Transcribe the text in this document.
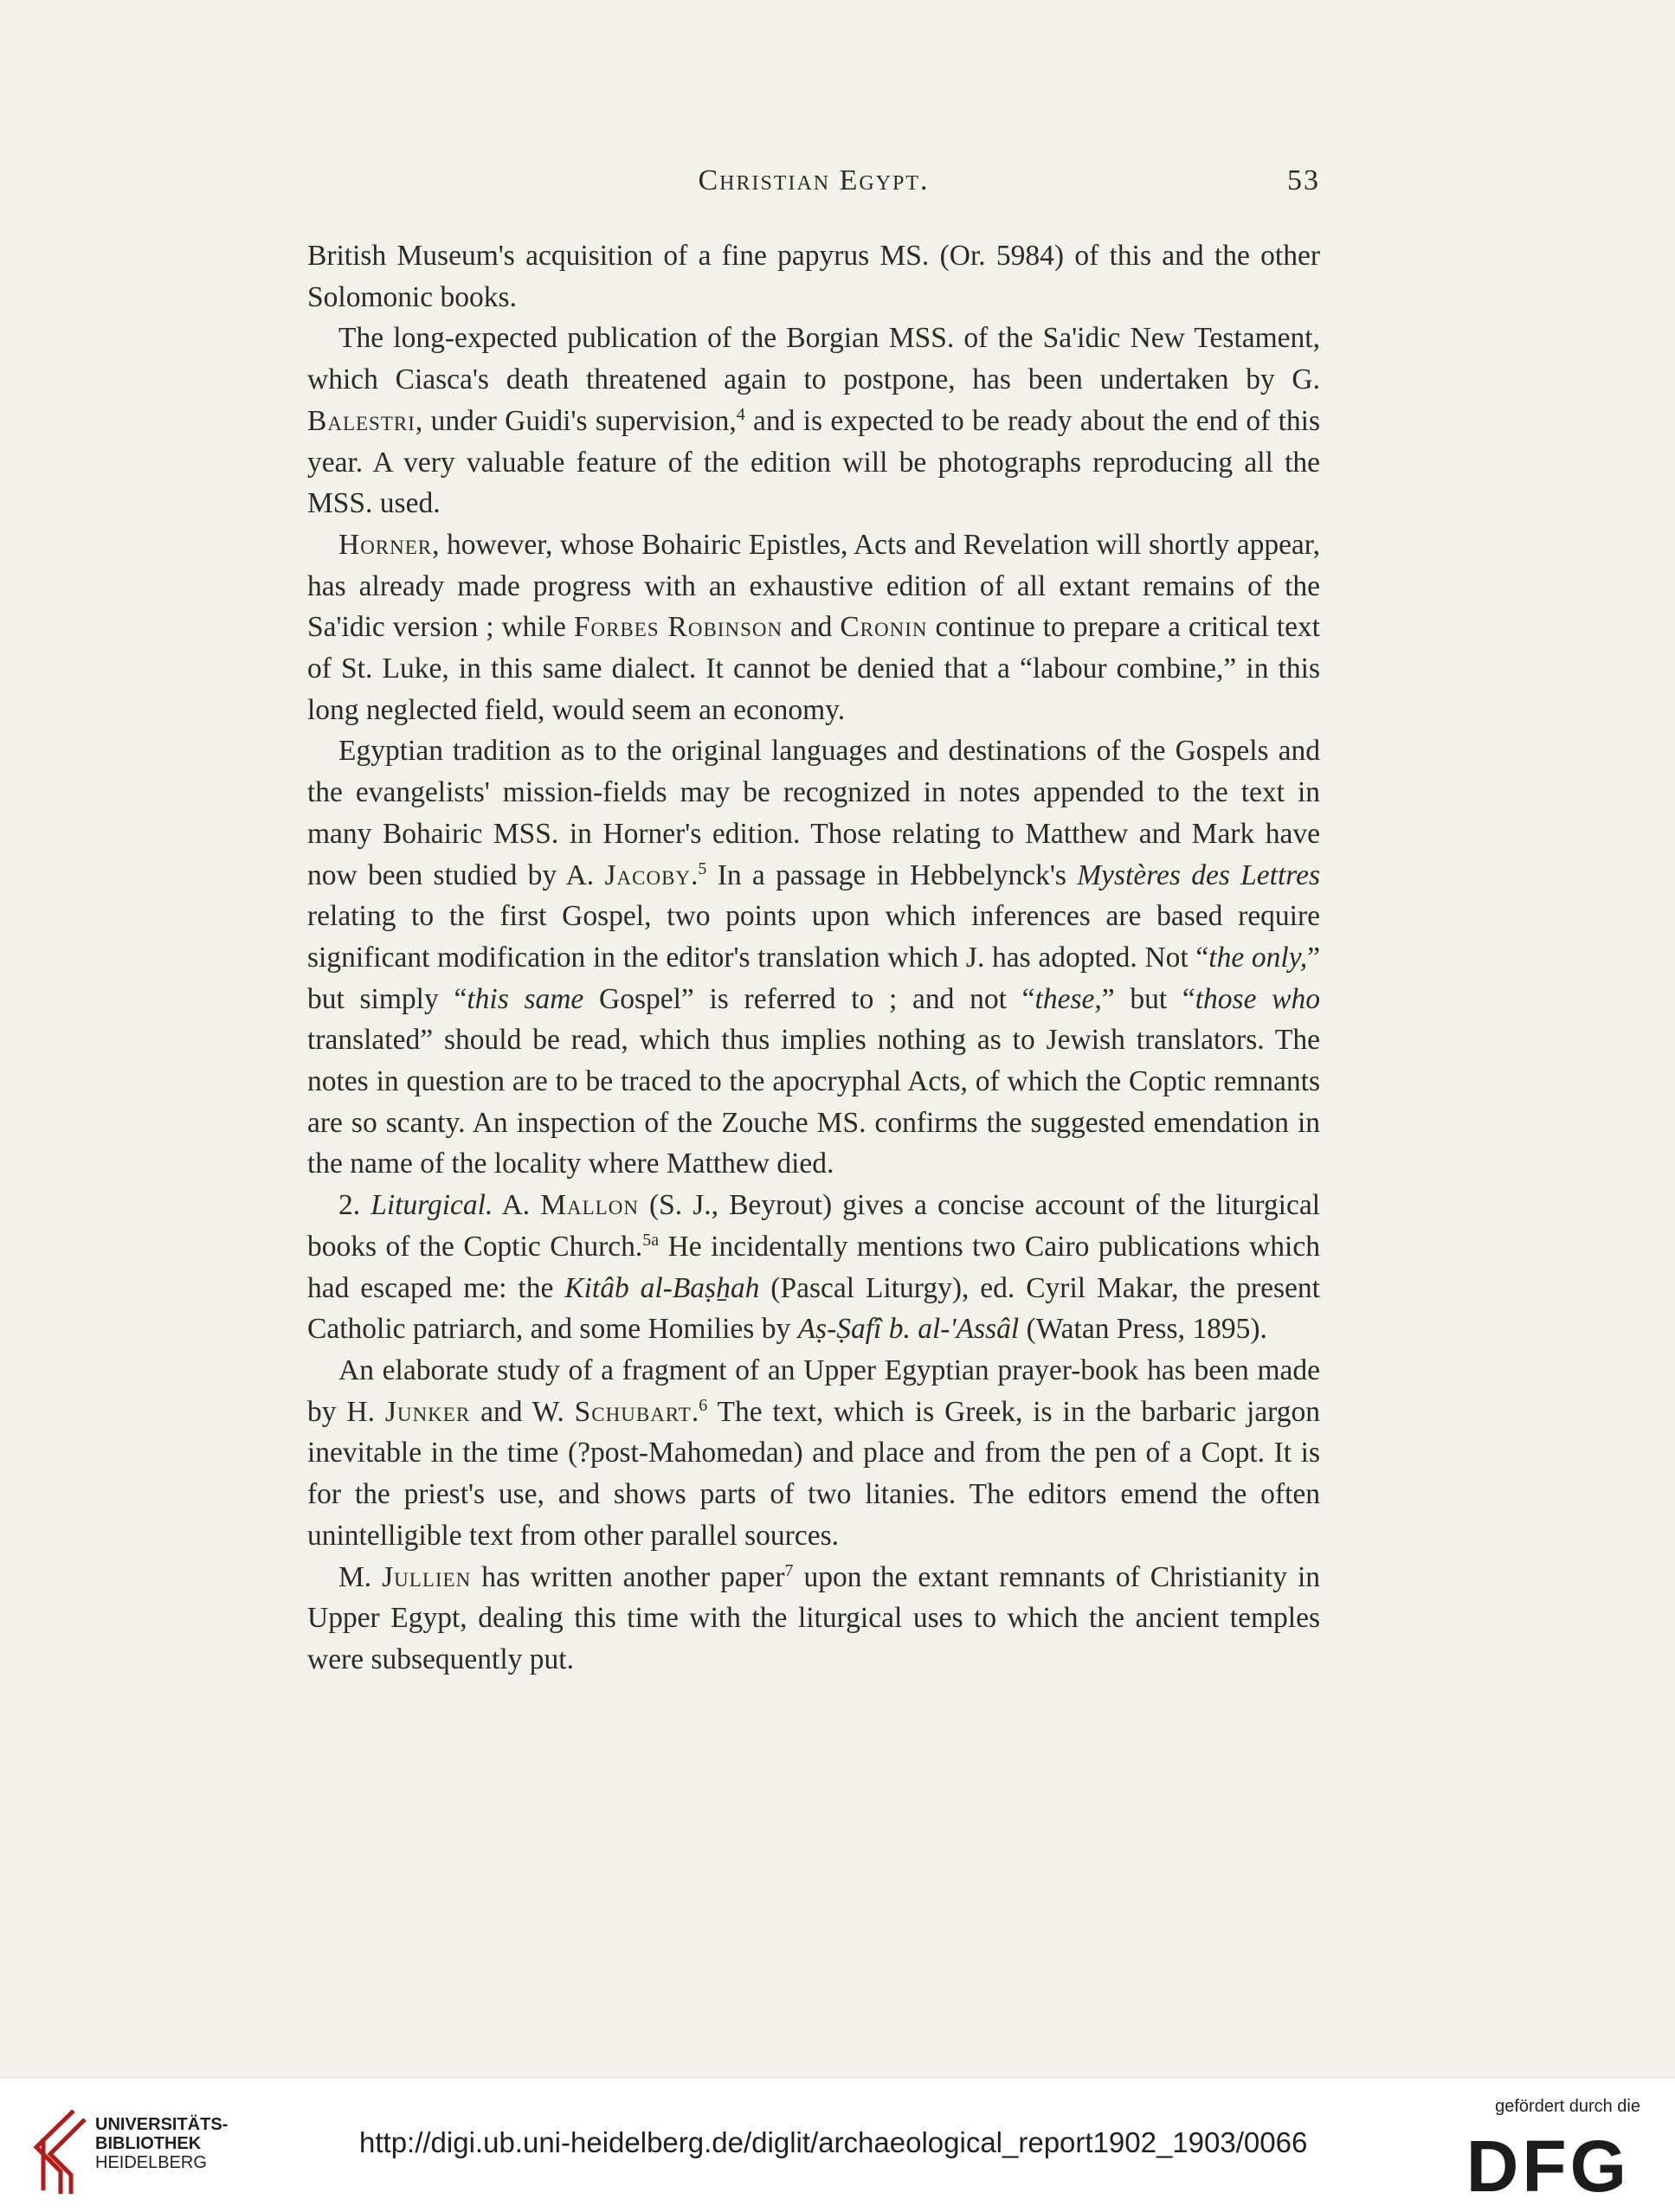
Christian Egypt.	53

British Museum's acquisition of a fine papyrus MS. (Or. 5984) of this and the other Solomonic books.

The long-expected publication of the Borgian MSS. of the Sa'idic New Testament, which Ciasca's death threatened again to postpone, has been undertaken by G. Balestri, under Guidi's supervision,$^4$ and is expected to be ready about the end of this year. A very valuable feature of the edition will be photographs reproducing all the MSS. used.

Horner, however, whose Bohairic Epistles, Acts and Revelation will shortly appear, has already made progress with an exhaustive edition of all extant remains of the Sa'idic version ; while Forbes Robinson and Cronin continue to prepare a critical text of St. Luke, in this same dialect. It cannot be denied that a “labour combine,” in this long neglected field, would seem an economy.

Egyptian tradition as to the original languages and destinations of the Gospels and the evangelists' mission-fields may be recognized in notes appended to the text in many Bohairic MSS. in Horner's edition. Those relating to Matthew and Mark have now been studied by A. Jacoby.$^5$ In a passage in Hebbelynck's Mystères des Lettres relating to the first Gospel, two points upon which inferences are based require significant modification in the editor's translation which J. has adopted. Not “the only,” but simply “this same Gospel” is referred to ; and not “these,” but “those who translated” should be read, which thus implies nothing as to Jewish translators. The notes in question are to be traced to the apocryphal Acts, of which the Coptic remnants are so scanty. An inspection of the Zouche MS. confirms the suggested emendation in the name of the locality where Matthew died.

2. Liturgical. A. Mallon (S. J., Beyrout) gives a concise account of the liturgical books of the Coptic Church.$^{5a}$ He incidentally mentions two Cairo publications which had escaped me: the Kitâb al-Baṣẖah (Pascal Liturgy), ed. Cyril Makar, the present Catholic patriarch, and some Homilies by Aṣ-Ṣafî b. al-'Assâl (Watan Press, 1895).

An elaborate study of a fragment of an Upper Egyptian prayer-book has been made by H. Junker and W. Schubart.$^6$ The text, which is Greek, is in the barbaric jargon inevitable in the time (?post-Mahomedan) and place and from the pen of a Copt. It is for the priest's use, and shows parts of two litanies. The editors emend the often unintelligible text from other parallel sources.

M. Jullien has written another paper$^7$ upon the extant remnants of Christianity in Upper Egypt, dealing this time with the liturgical uses to which the ancient temples were subsequently put.

UNIVERSITÄTS-
BIBLIOTHEK
HEIDELBERG
http://digi.ub.uni-heidelberg.de/diglit/archaeological_report1902_1903/0066
gefördert durch die
DFG
